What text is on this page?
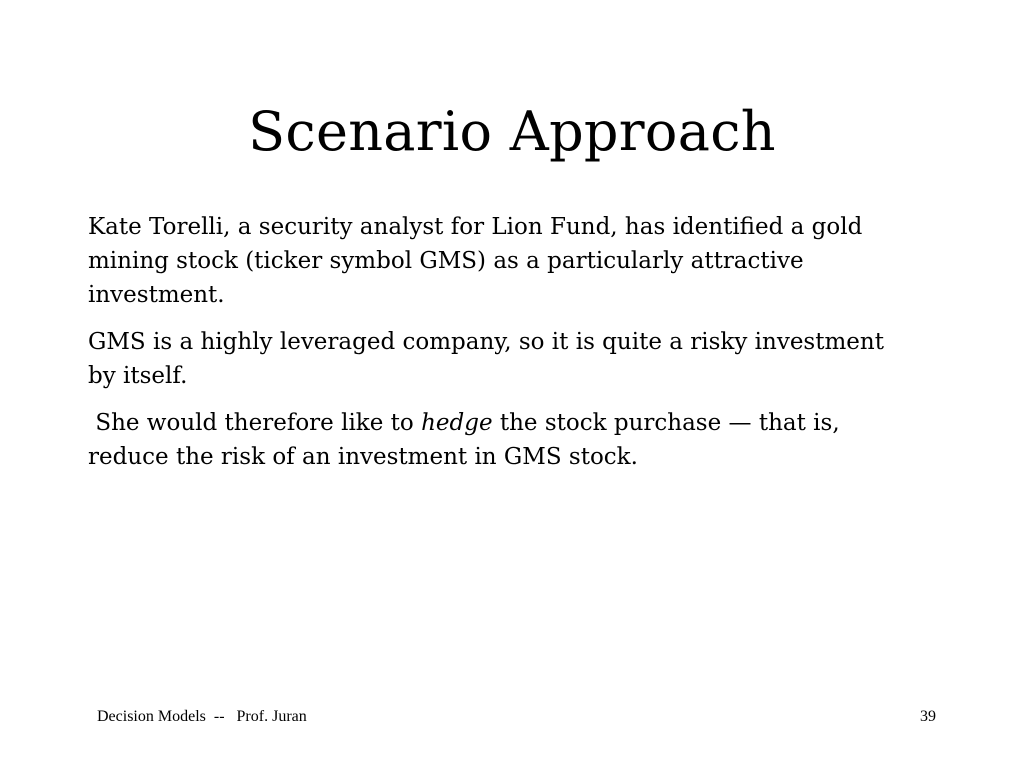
Scenario Approach

Kate Torelli, a security analyst for Lion Fund, has identified a gold mining stock (ticker symbol GMS) as a particularly attractive investment.

GMS is a highly leveraged company, so it is quite a risky investment by itself.

She would therefore like to hedge the stock purchase — that is, reduce the risk of an investment in GMS stock.

Decision Models  --   Prof. Juran	39
